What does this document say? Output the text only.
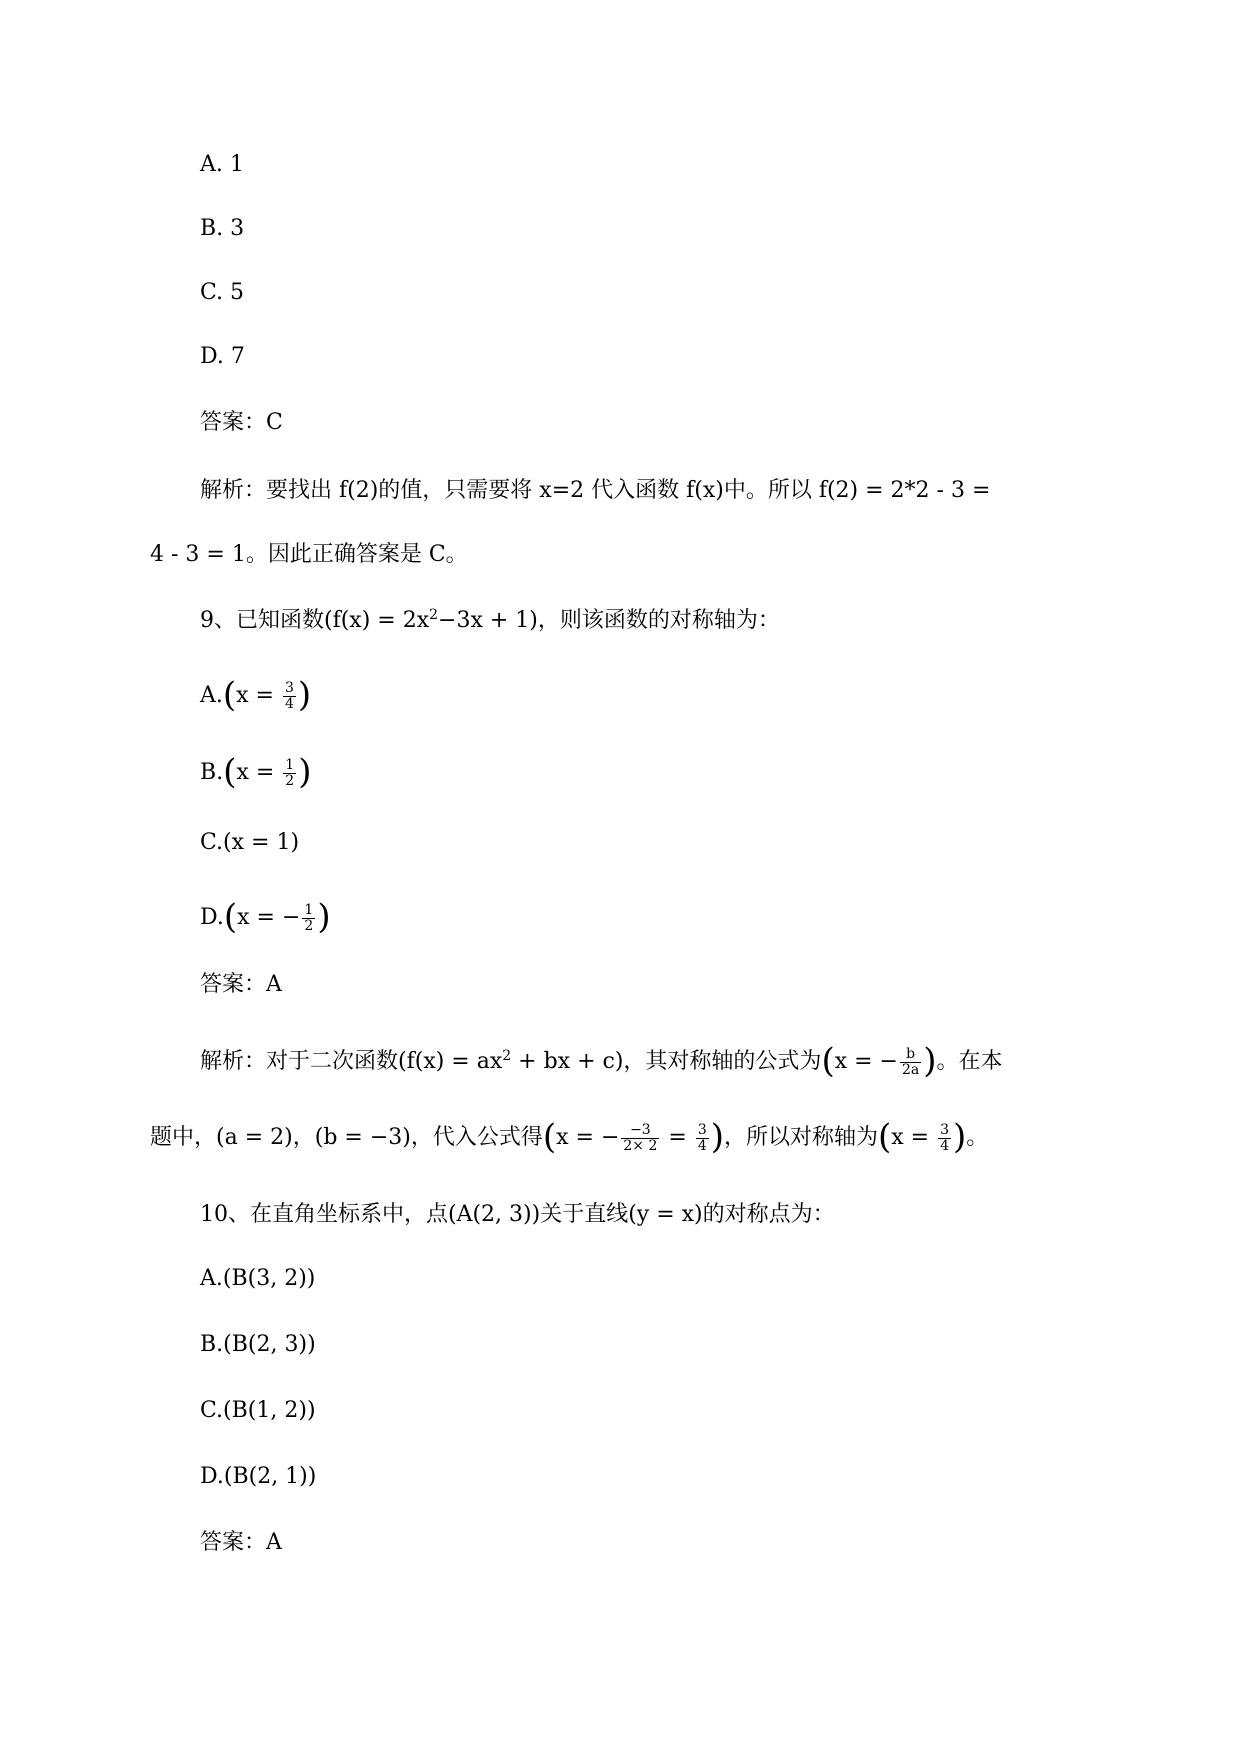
A. 1
B. 3
C. 5
D. 7
答案：C
解析：要找出 f(2)的值，只需要将 x=2 代入函数 f(x)中。所以 f(2) = 2*2 - 3 =
4 - 3 = 1。因此正确答案是 C。
9、已知函数$(f(x) = 2x^2-3x + 1)$，则该函数的对称轴为：
$A.(x = \frac{3}{4}$ )
$B.(x = \frac{1}{2}$ )
C.(x = 1)
D.(x = − $\frac{1}{2}$ )
答案：A
解析：对于二次函数($f(x) = ax^2$ + bx + c)，其对称轴的公式为(x = − $\frac{b}{2a}$ )。在本
题中，(a = 2)，(b = −3)，代入公式得(x = − $\frac{-3}{2\times 2} = \frac{3}{4}$ )，所以对称轴为($x = \frac{3}{4}$ )。
10、在直角坐标系中，点(A(2, 3))关于直线(y = x)的对称点为：
A.(B(3, 2))
B.(B(2, 3))
C.(B(1, 2))
D.(B(2, 1))
答案：A
